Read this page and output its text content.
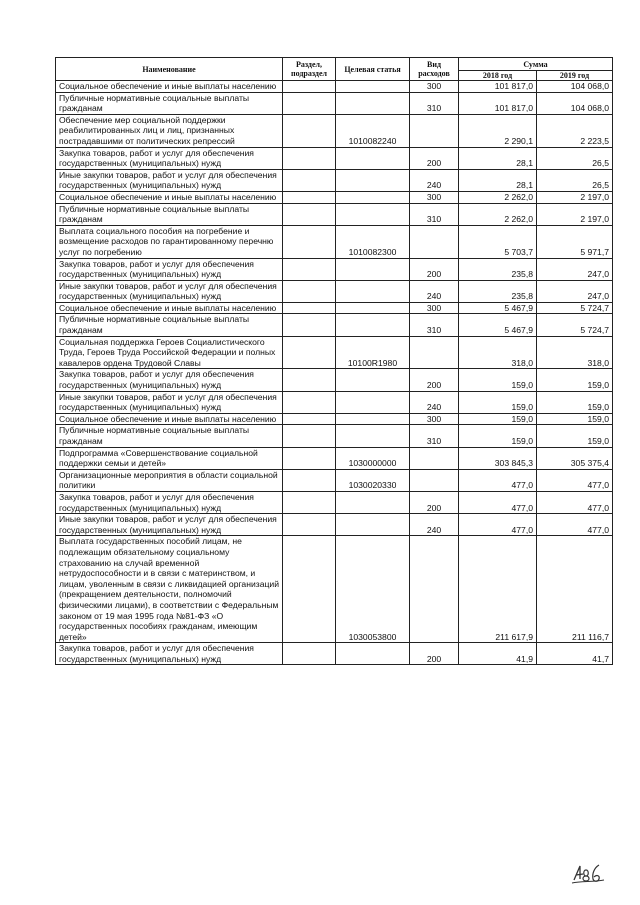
Наименование	Раздел, подраздел	Целевая статья	Вид расходов	Сумма	
				2018 год	2019 год
Социальное обеспечение и иные выплаты населению			300	101 817,0	104 068,0
Публичные нормативные социальные выплаты гражданам			310	101 817,0	104 068,0
Обеспечение мер социальной поддержки реабилитированных лиц и лиц, признанных пострадавшими от политических репрессий		1010082240		2 290,1	2 223,5
Закупка товаров, работ и услуг для обеспечения государственных (муниципальных) нужд			200	28,1	26,5
Иные закупки товаров, работ и услуг для обеспечения государственных (муниципальных) нужд			240	28,1	26,5
Социальное обеспечение и иные выплаты населению			300	2 262,0	2 197,0
Публичные нормативные социальные выплаты гражданам			310	2 262,0	2 197,0
Выплата социального пособия на погребение и возмещение расходов по гарантированному перечню услуг по погребению		1010082300		5 703,7	5 971,7
Закупка товаров, работ и услуг для обеспечения государственных (муниципальных) нужд			200	235,8	247,0
Иные закупки товаров, работ и услуг для обеспечения государственных (муниципальных) нужд			240	235,8	247,0
Социальное обеспечение и иные выплаты населению			300	5 467,9	5 724,7
Публичные нормативные социальные выплаты гражданам			310	5 467,9	5 724,7
Социальная поддержка Героев Социалистического Труда, Героев Труда Российской Федерации и полных кавалеров ордена Трудовой Славы		10100R1980		318,0	318,0
Закупка товаров, работ и услуг для обеспечения государственных (муниципальных) нужд			200	159,0	159,0
Иные закупки товаров, работ и услуг для обеспечения государственных (муниципальных) нужд			240	159,0	159,0
Социальное обеспечение и иные выплаты населению			300	159,0	159,0
Публичные нормативные социальные выплаты гражданам			310	159,0	159,0
Подпрограмма «Совершенствование социальной поддержки семьи и детей»		1030000000		303 845,3	305 375,4
Организационные мероприятия в области социальной политики		1030020330		477,0	477,0
Закупка товаров, работ и услуг для обеспечения государственных (муниципальных) нужд			200	477,0	477,0
Иные закупки товаров, работ и услуг для обеспечения государственных (муниципальных) нужд			240	477,0	477,0
Выплата государственных пособий лицам, не подлежащим обязательному социальному страхованию на случай временной нетрудоспособности и в связи с материнством, и лицам, уволенным в связи с ликвидацией организаций (прекращением деятельности, полномочий физическими лицами), в соответствии с Федеральным законом от 19 мая 1995 года №81-ФЗ «О государственных пособиях гражданам, имеющим детей»		1030053800		211 617,9	211 116,7
Закупка товаров, работ и услуг для обеспечения государственных (муниципальных) нужд			200	41,9	41,7
